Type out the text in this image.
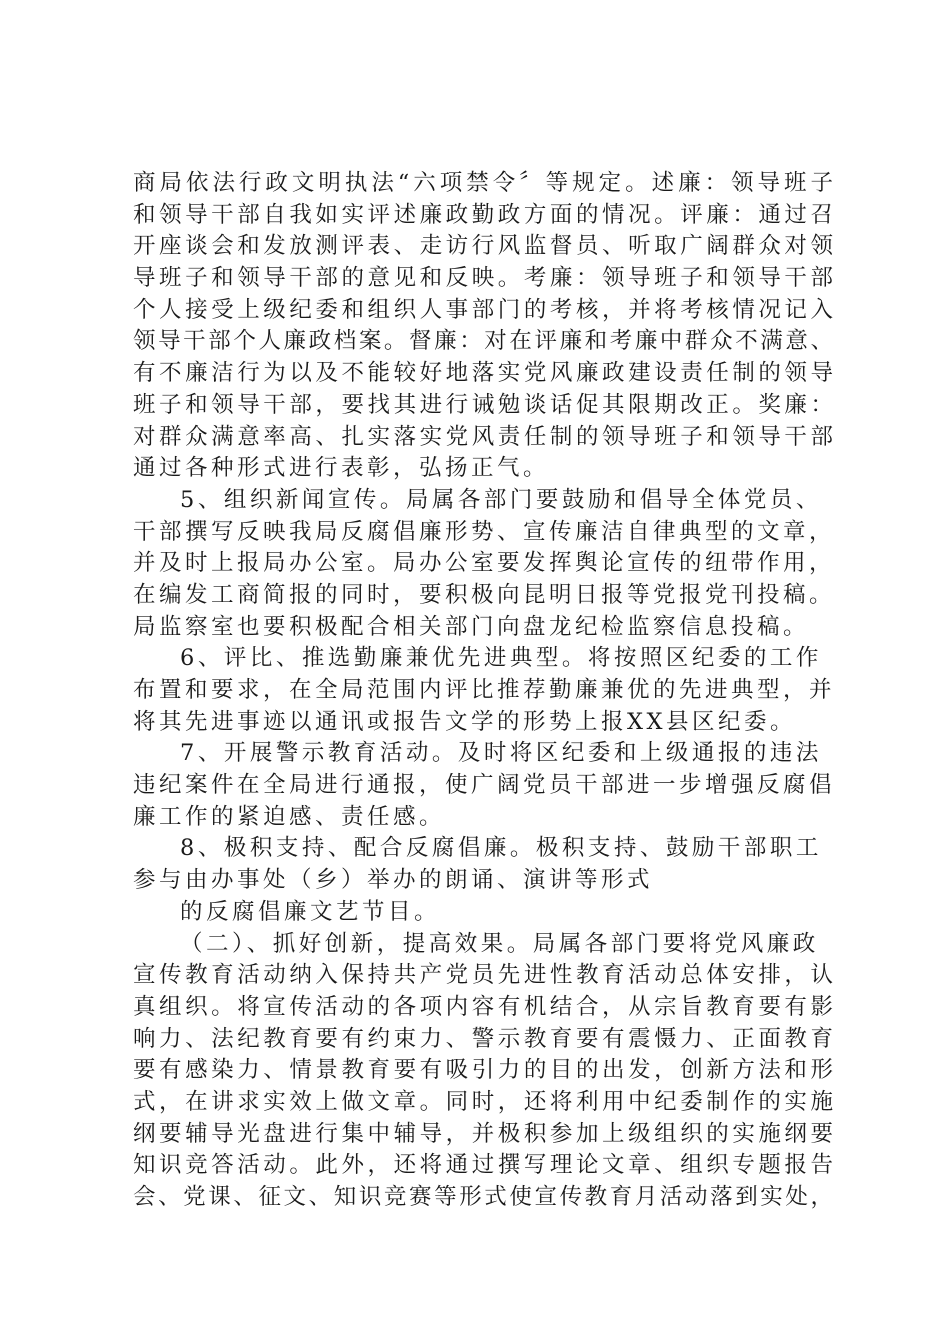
商局依法行政文明执法“六项禁令〞等规定。述廉：领导班子
和领导干部自我如实评述廉政勤政方面的情况。评廉：通过召
开座谈会和发放测评表、走访行风监督员、听取广阔群众对领
导班子和领导干部的意见和反映。考廉：领导班子和领导干部
个人接受上级纪委和组织人事部门的考核，并将考核情况记入
领导干部个人廉政档案。督廉：对在评廉和考廉中群众不满意、
有不廉洁行为以及不能较好地落实党风廉政建设责任制的领导
班子和领导干部，要找其进行诫勉谈话促其限期改正。奖廉：
对群众满意率高、扎实落实党风责任制的领导班子和领导干部
通过各种形式进行表彰，弘扬正气。
5、组织新闻宣传。局属各部门要鼓励和倡导全体党员、
干部撰写反映我局反腐倡廉形势、宣传廉洁自律典型的文章，
并及时上报局办公室。局办公室要发挥舆论宣传的纽带作用，
在编发工商简报的同时，要积极向昆明日报等党报党刊投稿。
局监察室也要积极配合相关部门向盘龙纪检监察信息投稿。
6、评比、推选勤廉兼优先进典型。将按照区纪委的工作
布置和要求，在全局范围内评比推荐勤廉兼优的先进典型，并
将其先进事迹以通讯或报告文学的形势上报XX县区纪委。
7、开展警示教育活动。及时将区纪委和上级通报的违法
违纪案件在全局进行通报，使广阔党员干部进一步增强反腐倡
廉工作的紧迫感、责任感。
8、极积支持、配合反腐倡廉。极积支持、鼓励干部职工
参与由办事处（乡）举办的朗诵、演讲等形式
的反腐倡廉文艺节目。
（二）、抓好创新，提高效果。局属各部门要将党风廉政
宣传教育活动纳入保持共产党员先进性教育活动总体安排，认
真组织。将宣传活动的各项内容有机结合，从宗旨教育要有影
响力、法纪教育要有约束力、警示教育要有震慑力、正面教育
要有感染力、情景教育要有吸引力的目的出发，创新方法和形
式，在讲求实效上做文章。同时，还将利用中纪委制作的实施
纲要辅导光盘进行集中辅导，并极积参加上级组织的实施纲要
知识竞答活动。此外，还将通过撰写理论文章、组织专题报告
会、党课、征文、知识竞赛等形式使宣传教育月活动落到实处，
